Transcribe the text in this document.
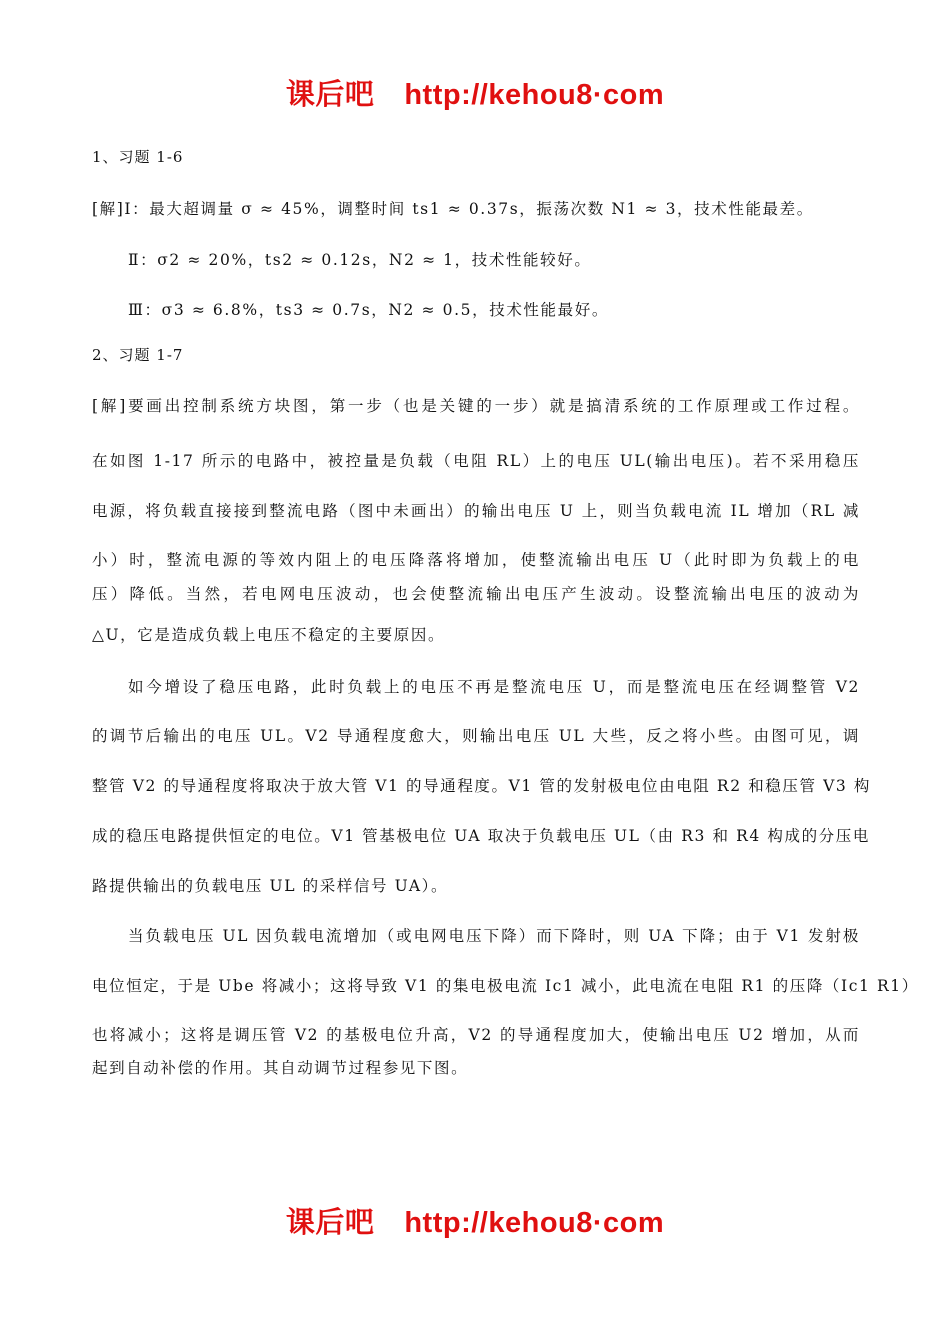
课后吧 http://kehou8·com
1、习题 1-6
[解]Ⅰ：最大超调量 σ ≈ 45%，调整时间 ts1 ≈ 0.37s，振荡次数 N1 ≈ 3，技术性能最差。
Ⅱ：σ2 ≈ 20%，ts2 ≈ 0.12s，N2 ≈ 1，技术性能较好。
Ⅲ：σ3 ≈ 6.8%，ts3 ≈ 0.7s，N2 ≈ 0.5，技术性能最好。
2、习题 1-7
[解]要画出控制系统方块图，第一步（也是关键的一步）就是搞清系统的工作原理或工作过程。
在如图 1-17 所示的电路中，被控量是负载（电阻 RL）上的电压 UL(输出电压)。若不采用稳压
电源，将负载直接接到整流电路（图中未画出）的输出电压 U 上，则当负载电流 IL 增加（RL 减
小）时，整流电源的等效内阻上的电压降落将增加，使整流输出电压 U（此时即为负载上的电
压）降低。当然，若电网电压波动，也会使整流输出电压产生波动。设整流输出电压的波动为
△U，它是造成负载上电压不稳定的主要原因。
如今增设了稳压电路，此时负载上的电压不再是整流电压 U，而是整流电压在经调整管 V2
的调节后输出的电压 UL。V2 导通程度愈大，则输出电压 UL 大些，反之将小些。由图可见，调
整管 V2 的导通程度将取决于放大管 V1 的导通程度。V1 管的发射极电位由电阻 R2 和稳压管 V3 构
成的稳压电路提供恒定的电位。V1 管基极电位 UA 取决于负载电压 UL（由 R3 和 R4 构成的分压电
路提供输出的负载电压 UL 的采样信号 UA）。
当负载电压 UL 因负载电流增加（或电网电压下降）而下降时，则 UA 下降；由于 V1 发射极
电位恒定，于是 Ube 将减小；这将导致 V1 的集电极电流 Ic1 减小，此电流在电阻 R1 的压降（Ic1 R1）
也将减小；这将是调压管 V2 的基极电位升高，V2 的导通程度加大，使输出电压 U2 增加，从而
起到自动补偿的作用。其自动调节过程参见下图。
课后吧 http://kehou8·com
